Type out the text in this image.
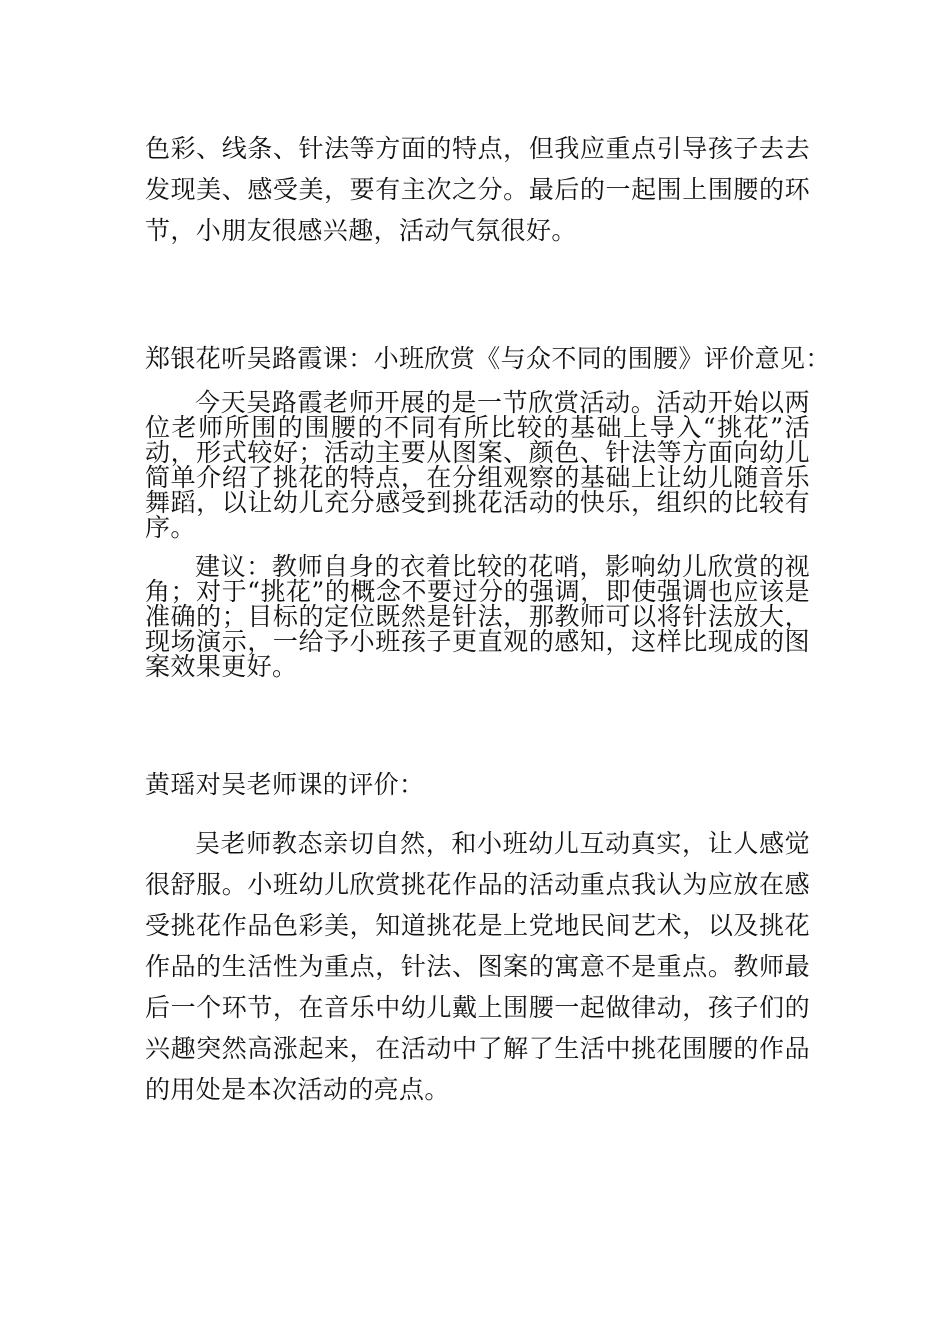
色彩、线条、针法等方面的特点，但我应重点引导孩子去去发现美、感受美，要有主次之分。最后的一起围上围腰的环节，小朋友很感兴趣，活动气氛很好。

郑银花听吴路霞课：小班欣赏《与众不同的围腰》评价意见：

今天吴路霞老师开展的是一节欣赏活动。活动开始以两位老师所围的围腰的不同有所比较的基础上导入“挑花”活动，形式较好；活动主要从图案、颜色、针法等方面向幼儿简单介绍了挑花的特点，在分组观察的基础上让幼儿随音乐舞蹈，以让幼儿充分感受到挑花活动的快乐，组织的比较有序。

建议：教师自身的衣着比较的花哨，影响幼儿欣赏的视角；对于“挑花”的概念不要过分的强调，即使强调也应该是准确的；目标的定位既然是针法，那教师可以将针法放大，现场演示，一给予小班孩子更直观的感知，这样比现成的图案效果更好。

黄瑶对吴老师课的评价：

吴老师教态亲切自然，和小班幼儿互动真实，让人感觉很舒服。小班幼儿欣赏挑花作品的活动重点我认为应放在感受挑花作品色彩美，知道挑花是上党地民间艺术，以及挑花作品的生活性为重点，针法、图案的寓意不是重点。教师最后一个环节，在音乐中幼儿戴上围腰一起做律动，孩子们的兴趣突然高涨起来，在活动中了解了生活中挑花围腰的作品的用处是本次活动的亮点。
